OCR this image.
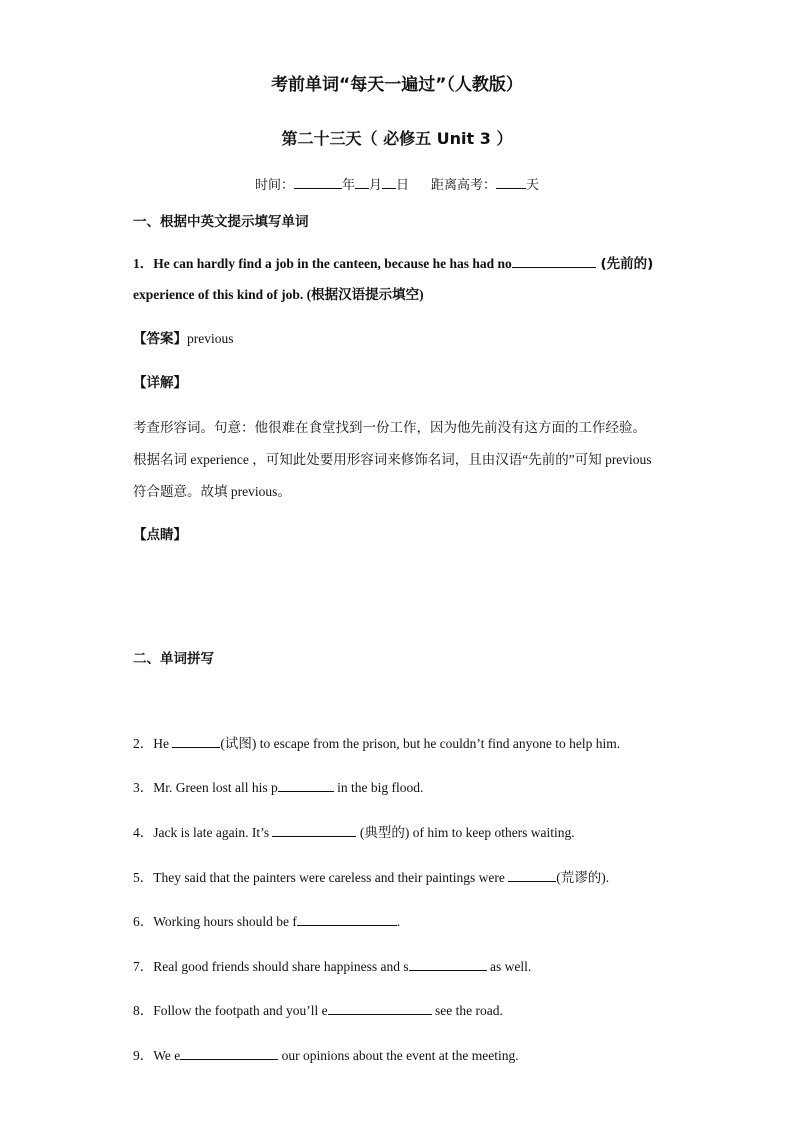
考前单词“每天一遍过”（人教版）
第二十三天（ 必修五 Unit 3 ）
时间：	年 月 日 距离高考： 天
一、根据中英文提示填写单词
1．He can hardly find a job in the canteen, because he has had no	(先前的)
experience of this kind of job. (根据汉语提示填空)
【答案】previous
【详解】
考查形容词。句意：他很难在食堂找到一份工作，因为他先前没有这方面的工作经验。
根据名词 experience ，可知此处要用形容词来修饰名词，且由汉语“先前的”可知 previous
符合题意。故填 previous。
【点睛】
二、单词拼写
2．He	(试图) to escape from the prison, but he couldn’t find anyone to help him.
3．Mr. Green lost all his p	in the big flood.
4．Jack is late again. It’s	(典型的) of him to keep others waiting.
5．They said that the painters were careless and their paintings were	(荒谬的).
6．Working hours should be f	.
7．Real good friends should share happiness and s	as well.
8．Follow the footpath and you’ll e	see the road.
9．We e	our opinions about the event at the meeting.
